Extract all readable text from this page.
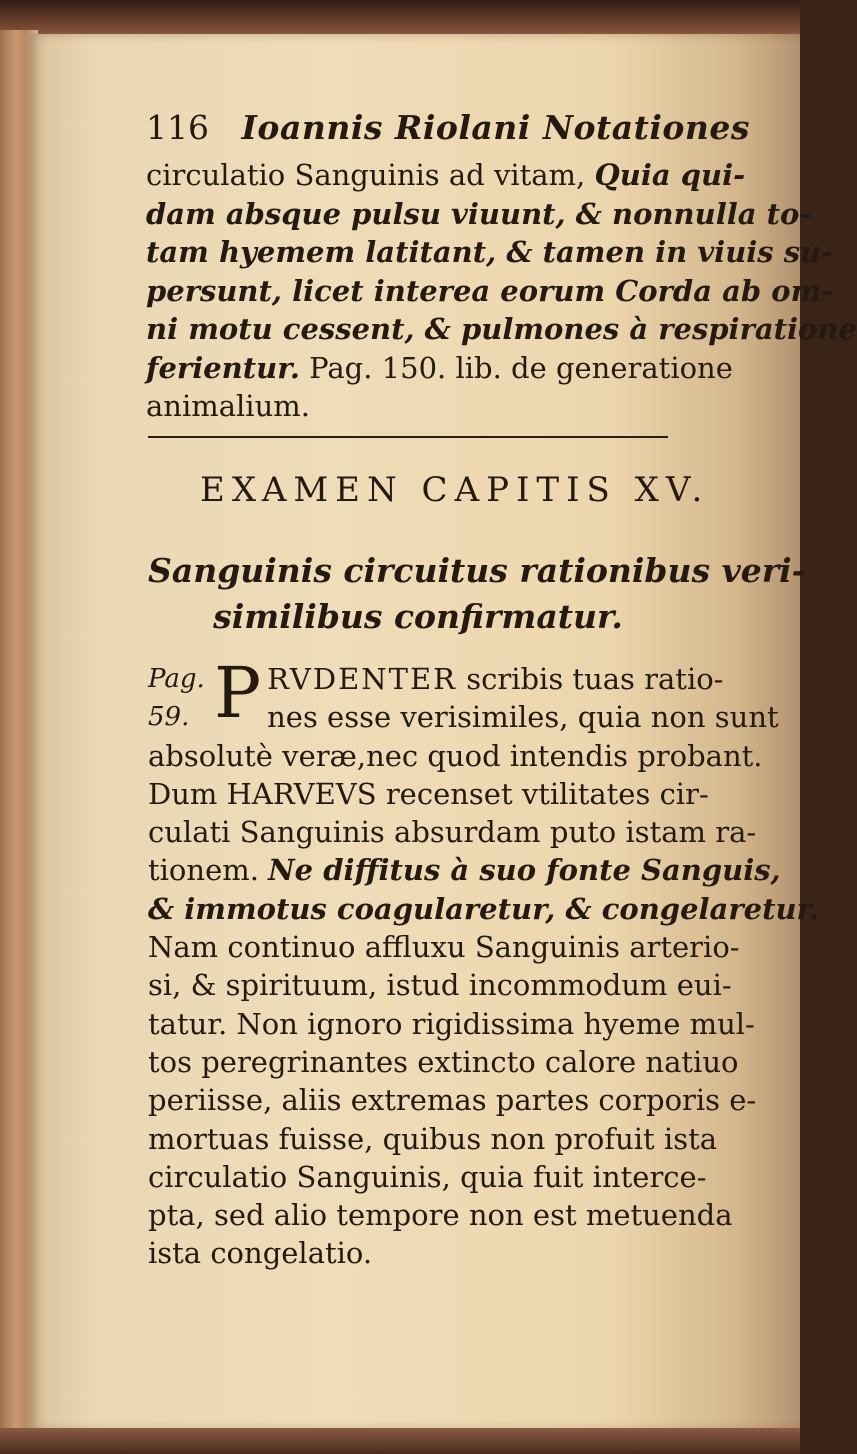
116 Ioannis Riolani Notationes
circulatio Sanguinis ad vitam, Quia qui-
dam absque pulsu viuunt, & nonnulla to-
tam hyemem latitant, & tamen in viuis su-
persunt, licet interea eorum Corda ab om-
ni motu cessent, & pulmones à respiratione
ferientur. Pag. 150. lib. de generatione
animalium.
EXAMEN CAPITIS XV.
Sanguinis circuitus rationibus veri-
similibus confirmatur.
Pag.
59. P RVDENTER scribis tuas ratio-
nes esse verisimiles, quia non sunt
absolutè veræ,nec quod intendis probant.
Dum HARVEVS recenset vtilitates cir-
culati Sanguinis absurdam puto istam ra-
tionem. Ne diffitus à suo fonte Sanguis,
& immotus coagularetur, & congelaretur.
Nam continuo affluxu Sanguinis arterio-
si, & spirituum, istud incommodum eui-
tatur. Non ignoro rigidissima hyeme mul-
tos peregrinantes extincto calore natiuo
periisse, aliis extremas partes corporis e-
mortuas fuisse, quibus non profuit ista
circulatio Sanguinis, quia fuit interce-
pta, sed alio tempore non est metuenda
ista congelatio.
